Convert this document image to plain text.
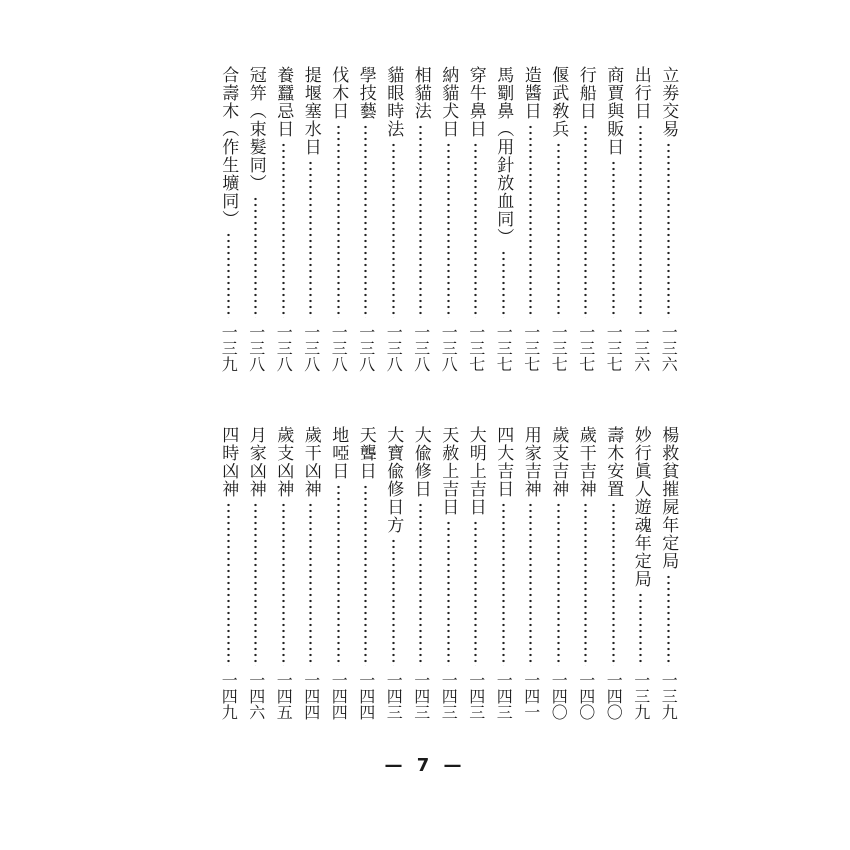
立劵交易
一三六
出行日
一三六
商賈與販日
一三七
行船日
一三七
偃武敎兵
一三七
造醬日
一三七
馬劅鼻︵用針放血同︶
一三七
穿牛鼻日
一三七
納貓犬日
一三八
相貓法
一三八
貓眼時法
一三八
學技藝
一三八
伐木日
一三八
提堰塞水日
一三八
養蠶忌日
一三八
冠笄︵束髮同︶
一三八
合壽木︵作生壙同︶
一三九
楊救貧摧屍年定局
一三九
妙行眞人遊魂年定局
一三九
壽木安置
一四〇
歲干吉神
一四〇
歲支吉神
一四〇
用家吉神
一四一
四大吉日
一四三
大明上吉日
一四三
天赦上吉日
一四三
大偸修日
一四三
大寶偸修日方
一四三
天聾日
一四四
地啞日
一四四
歲干凶神
一四四
歲支凶神
一四五
月家凶神
一四六
四時凶神
一四九
— 7 —
